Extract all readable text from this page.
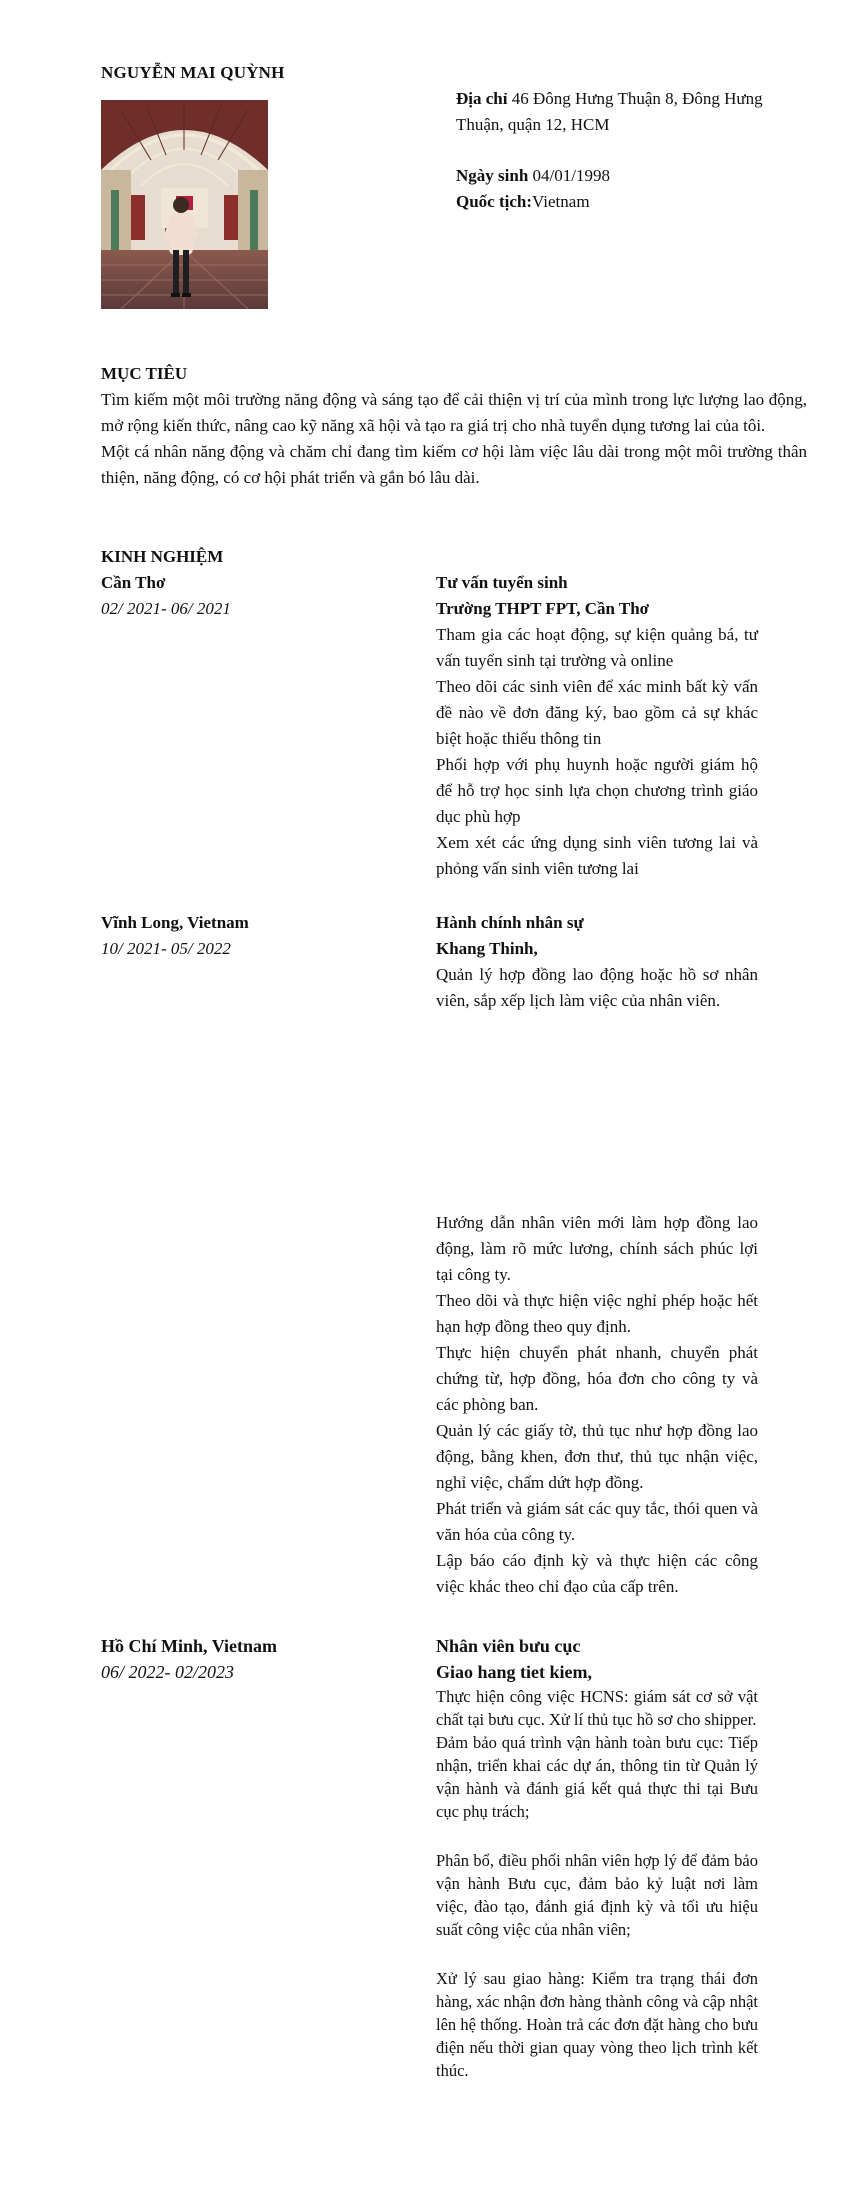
NGUYỄN MAI QUỲNH
Địa chỉ 46 Đông Hưng Thuận 8, Đông Hưng Thuận, quận 12, HCM
Ngày sinh 04/01/1998
Quốc tịch:Vietnam
MỤC TIÊU

Tìm kiếm một môi trường năng động và sáng tạo để cải thiện vị trí của mình trong lực lượng lao động, mở rộng kiến thức, nâng cao kỹ năng xã hội và tạo ra giá trị cho nhà tuyển dụng tương lai của tôi.

Một cá nhân năng động và chăm chỉ đang tìm kiếm cơ hội làm việc lâu dài trong một môi trường thân thiện, năng động, có cơ hội phát triển và gắn bó lâu dài.

KINH NGHIỆM
Cần Thơ
02/ 2021- 06/ 2021
Tư vấn tuyển sinh
Trường THPT FPT, Cần Thơ
Tham gia các hoạt động, sự kiện quảng bá, tư vấn tuyển sinh tại trường và online
Theo dõi các sinh viên để xác minh bất kỳ vấn đề nào về đơn đăng ký, bao gồm cả sự khác biệt hoặc thiếu thông tin
Phối hợp với phụ huynh hoặc người giám hộ để hỗ trợ học sinh lựa chọn chương trình giáo dục phù hợp
Xem xét các ứng dụng sinh viên tương lai và phỏng vấn sinh viên tương lai
Vĩnh Long, Vietnam
10/ 2021- 05/ 2022
Hành chính nhân sự
Khang Thinh,
Quản lý hợp đồng lao động hoặc hồ sơ nhân viên, sắp xếp lịch làm việc của nhân viên.
Hướng dẫn nhân viên mới làm hợp đồng lao động, làm rõ mức lương, chính sách phúc lợi tại công ty.
Theo dõi và thực hiện việc nghỉ phép hoặc hết hạn hợp đồng theo quy định.
Thực hiện chuyển phát nhanh, chuyển phát chứng từ, hợp đồng, hóa đơn cho công ty và các phòng ban.
Quản lý các giấy tờ, thủ tục như hợp đồng lao động, bằng khen, đơn thư, thủ tục nhận việc, nghỉ việc, chấm dứt hợp đồng.
Phát triển và giám sát các quy tắc, thói quen và văn hóa của công ty.
Lập báo cáo định kỳ và thực hiện các công việc khác theo chỉ đạo của cấp trên.
Hồ Chí Minh, Vietnam
06/ 2022- 02/2023
Nhân viên bưu cục
Giao hang tiet kiem,
Thực hiện công việc HCNS: giám sát cơ sở vật chất tại bưu cục. Xử lí thủ tục hồ sơ cho shipper.
Đảm bảo quá trình vận hành toàn bưu cục: Tiếp nhận, triển khai các dự án, thông tin từ Quản lý vận hành và đánh giá kết quả thực thi tại Bưu cục phụ trách;
Phân bổ, điều phối nhân viên hợp lý để đảm bảo vận hành Bưu cục, đảm bảo kỷ luật nơi làm việc, đào tạo, đánh giá định kỳ và tối ưu hiệu suất công việc của nhân viên;
Xử lý sau giao hàng: Kiểm tra trạng thái đơn hàng, xác nhận đơn hàng thành công và cập nhật lên hệ thống. Hoàn trả các đơn đặt hàng cho bưu điện nếu thời gian quay vòng theo lịch trình kết thúc.
